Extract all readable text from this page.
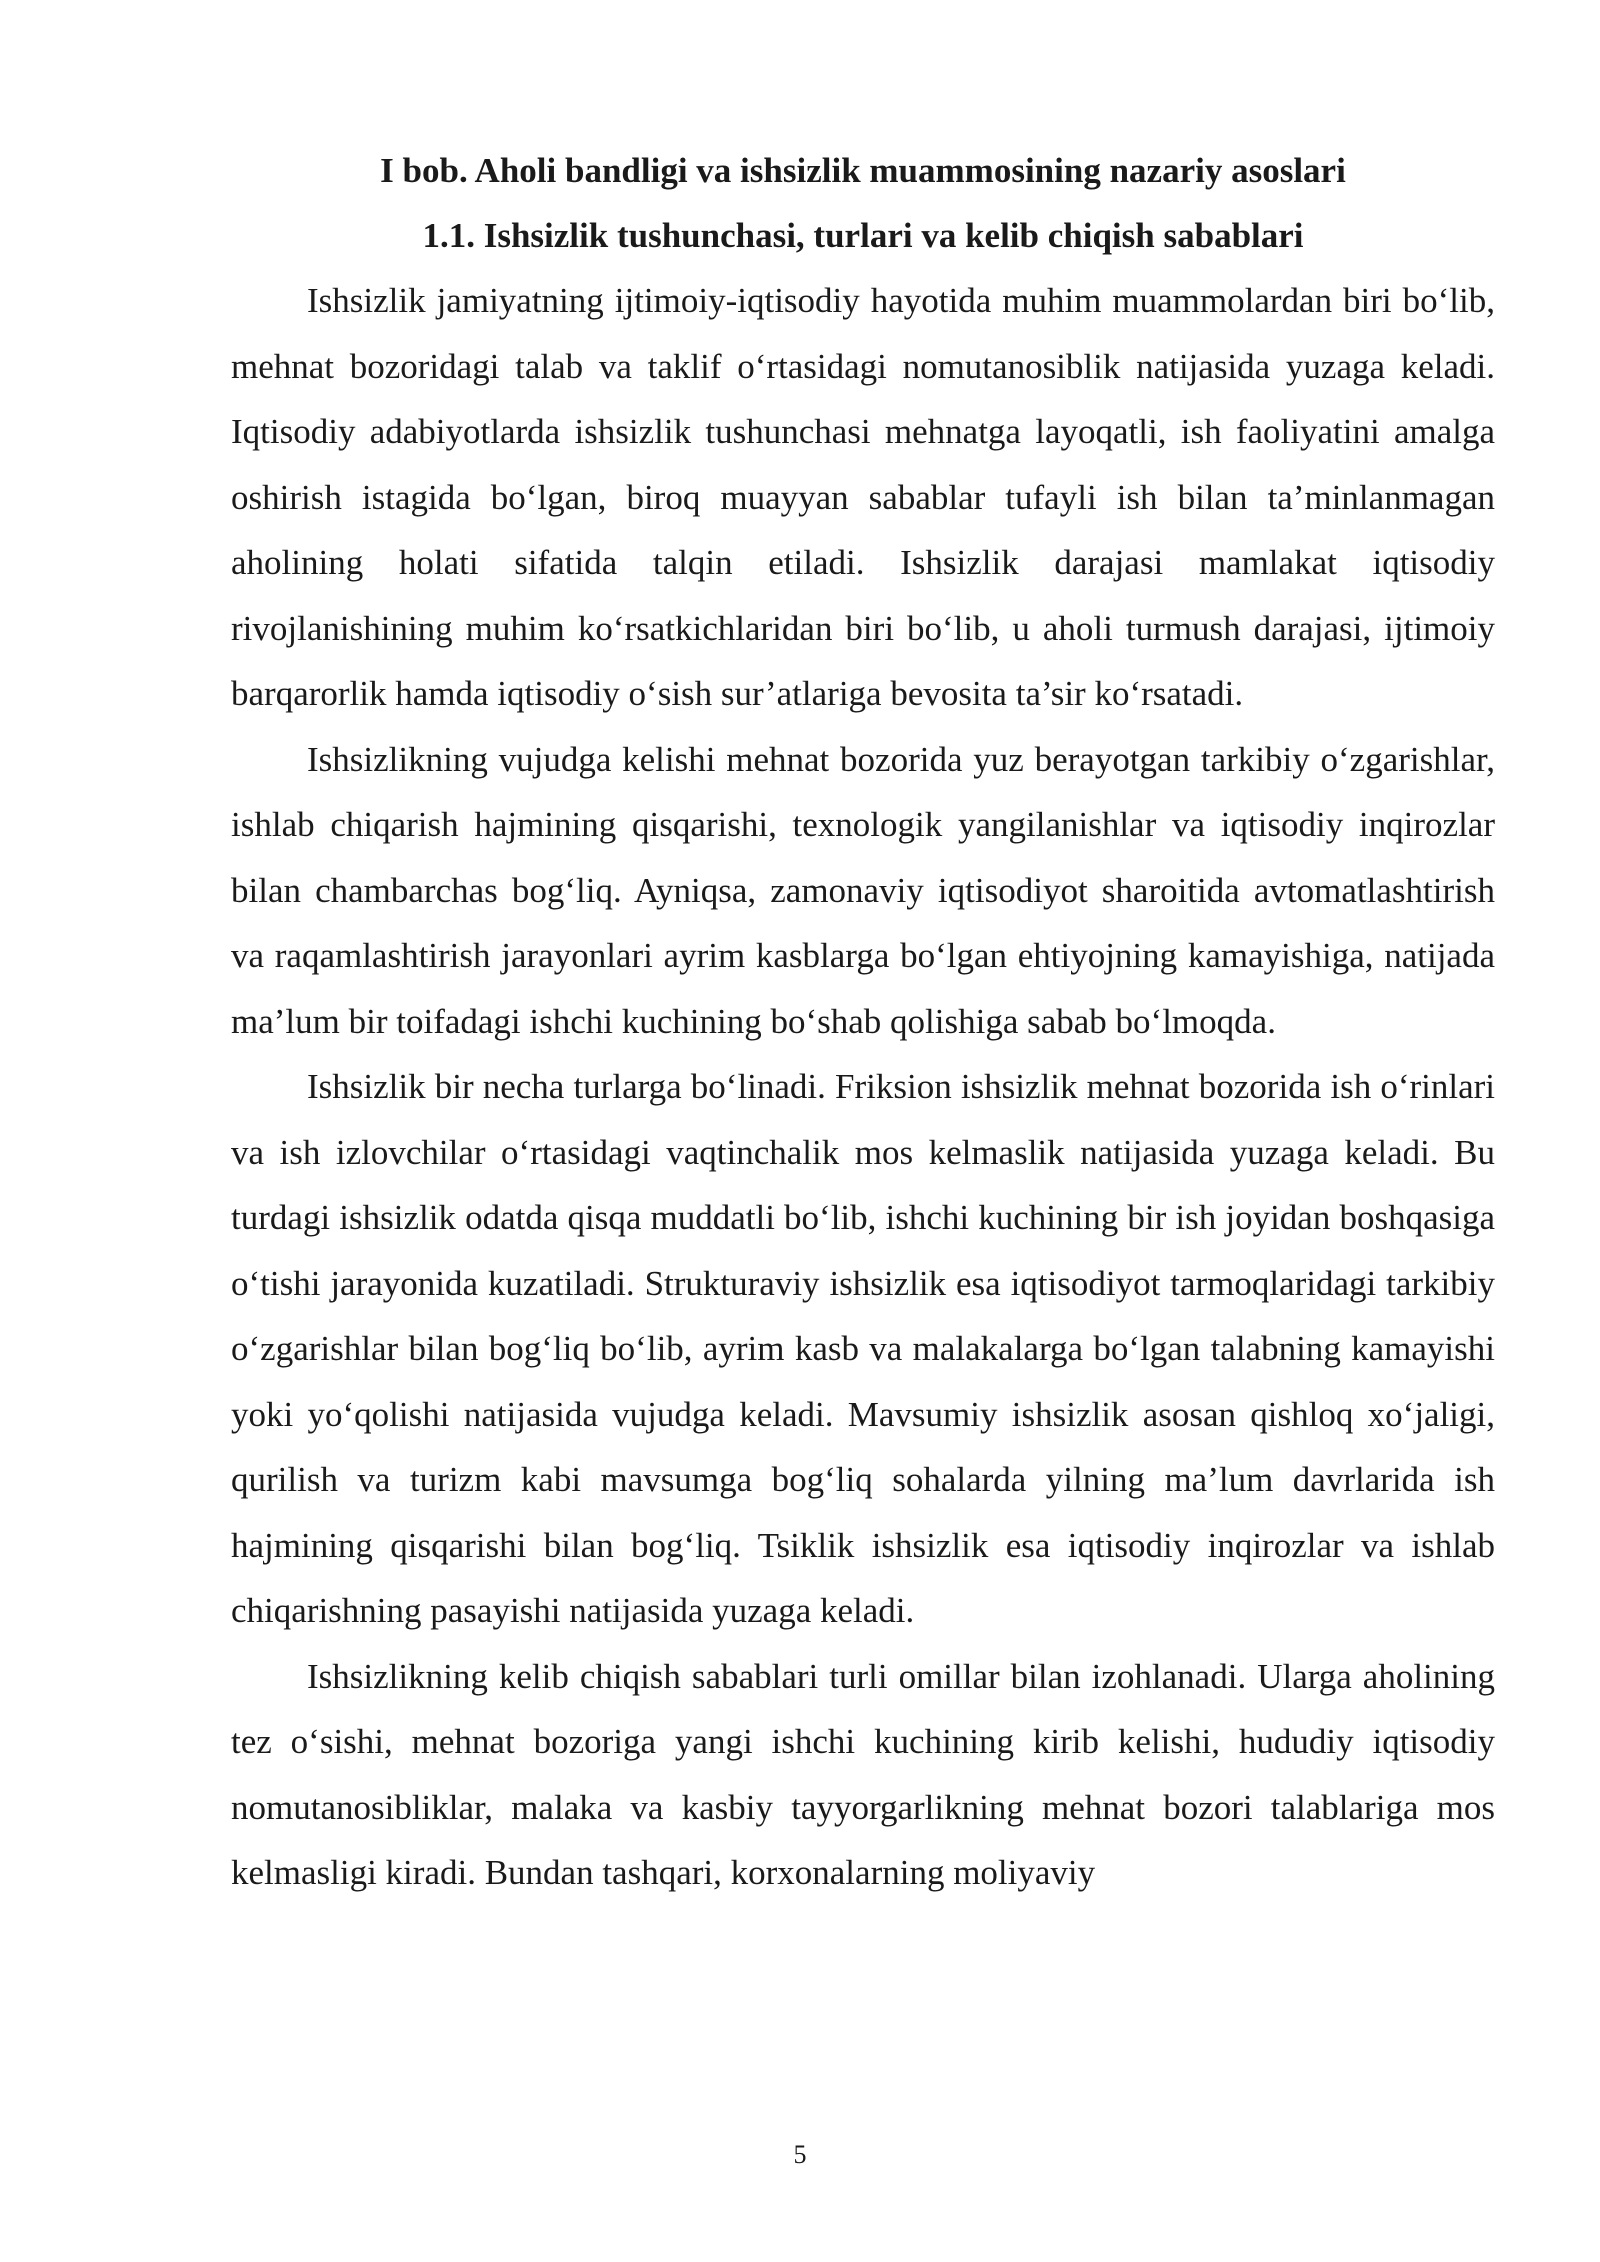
I bob. Aholi bandligi va ishsizlik muammosining nazariy asoslari
1.1. Ishsizlik tushunchasi, turlari va kelib chiqish sabablari

Ishsizlik jamiyatning ijtimoiy-iqtisodiy hayotida muhim muammolardan biri bo‘lib, mehnat bozoridagi talab va taklif o‘rtasidagi nomutanosiblik natijasida yuzaga keladi. Iqtisodiy adabiyotlarda ishsizlik tushunchasi mehnatga layoqatli, ish faoliyatini amalga oshirish istagida bo‘lgan, biroq muayyan sabablar tufayli ish bilan ta’minlanmagan aholining holati sifatida talqin etiladi. Ishsizlik darajasi mamlakat iqtisodiy rivojlanishining muhim ko‘rsatkichlaridan biri bo‘lib, u aholi turmush darajasi, ijtimoiy barqarorlik hamda iqtisodiy o‘sish sur’atlariga bevosita ta’sir ko‘rsatadi.

Ishsizlikning vujudga kelishi mehnat bozorida yuz berayotgan tarkibiy o‘zgarishlar, ishlab chiqarish hajmining qisqarishi, texnologik yangilanishlar va iqtisodiy inqirozlar bilan chambarchas bog‘liq. Ayniqsa, zamonaviy iqtisodiyot sharoitida avtomatlashtirish va raqamlashtirish jarayonlari ayrim kasblarga bo‘lgan ehtiyojning kamayishiga, natijada ma’lum bir toifadagi ishchi kuchining bo‘shab qolishiga sabab bo‘lmoqda.

Ishsizlik bir necha turlarga bo‘linadi. Friksion ishsizlik mehnat bozorida ish o‘rinlari va ish izlovchilar o‘rtasidagi vaqtinchalik mos kelmaslik natijasida yuzaga keladi. Bu turdagi ishsizlik odatda qisqa muddatli bo‘lib, ishchi kuchining bir ish joyidan boshqasiga o‘tishi jarayonida kuzatiladi. Strukturaviy ishsizlik esa iqtisodiyot tarmoqlaridagi tarkibiy o‘zgarishlar bilan bog‘liq bo‘lib, ayrim kasb va malakalarga bo‘lgan talabning kamayishi yoki yo‘qolishi natijasida vujudga keladi. Mavsumiy ishsizlik asosan qishloq xo‘jaligi, qurilish va turizm kabi mavsumga bog‘liq sohalarda yilning ma’lum davrlarida ish hajmining qisqarishi bilan bog‘liq. Tsiklik ishsizlik esa iqtisodiy inqirozlar va ishlab chiqarishning pasayishi natijasida yuzaga keladi.

Ishsizlikning kelib chiqish sabablari turli omillar bilan izohlanadi. Ularga aholining tez o‘sishi, mehnat bozoriga yangi ishchi kuchining kirib kelishi, hududiy iqtisodiy nomutanosibliklar, malaka va kasbiy tayyorgarlikning mehnat bozori talablariga mos kelmasligi kiradi. Bundan tashqari, korxonalarning moliyaviy

5
